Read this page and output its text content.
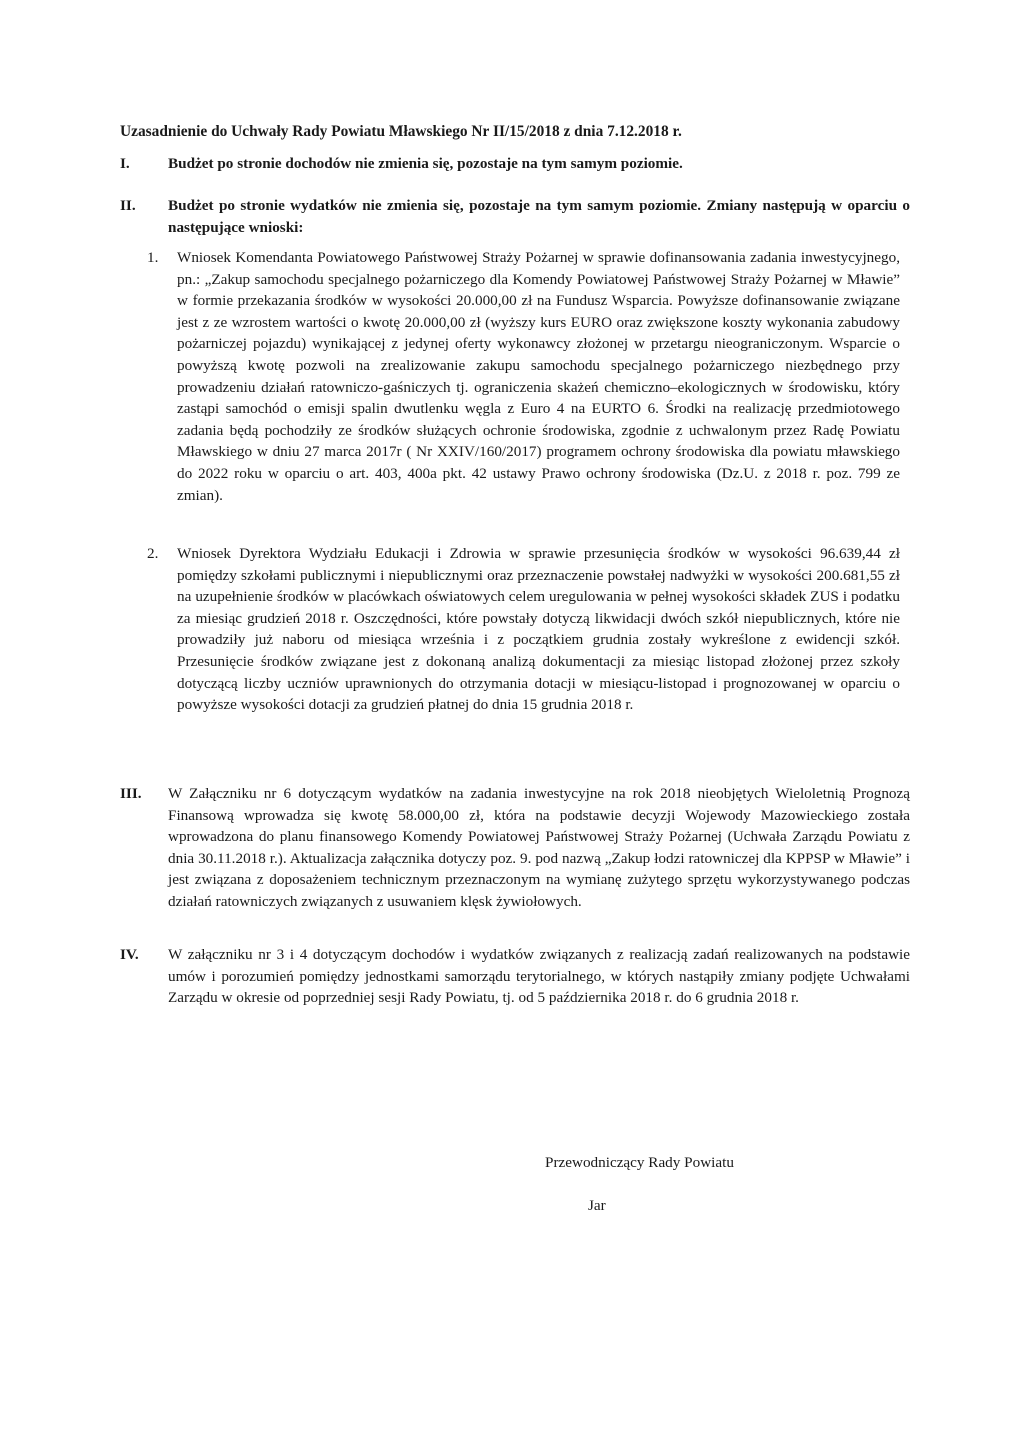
Uzasadnienie do Uchwały Rady Powiatu Mławskiego Nr II/15/2018 z dnia 7.12.2018 r.
I.	Budżet po stronie dochodów nie zmienia się, pozostaje na tym samym poziomie.
II. Budżet po stronie wydatków nie zmienia się, pozostaje na tym samym poziomie. Zmiany następują w oparciu o następujące wnioski:
1. Wniosek Komendanta Powiatowego Państwowej Straży Pożarnej w sprawie dofinansowania zadania inwestycyjnego, pn.: „Zakup samochodu specjalnego pożarniczego dla Komendy Powiatowej Państwowej Straży Pożarnej w Mławie” w formie przekazania środków w wysokości 20.000,00 zł na Fundusz Wsparcia. Powyższe dofinansowanie związane jest z ze wzrostem wartości o kwotę 20.000,00 zł (wyższy kurs EURO oraz zwiększone koszty wykonania zabudowy pożarniczej pojazdu) wynikającej z jedynej oferty wykonawcy złożonej w przetargu nieograniczonym. Wsparcie o powyższą kwotę pozwoli na zrealizowanie zakupu samochodu specjalnego pożarniczego niezbędnego przy prowadzeniu działań ratowniczo-gaśniczych tj. ograniczenia skażeń chemiczno–ekologicznych w środowisku, który zastąpi samochód o emisji spalin dwutlenku węgla z Euro 4 na EURTO 6. Środki na realizację przedmiotowego zadania będą pochodziły ze środków służących ochronie środowiska, zgodnie z uchwalonym przez Radę Powiatu Mławskiego w dniu 27 marca 2017r ( Nr XXIV/160/2017) programem ochrony środowiska dla powiatu mławskiego do 2022 roku w oparciu o art. 403, 400a pkt. 42 ustawy Prawo ochrony środowiska (Dz.U. z 2018 r. poz. 799 ze zmian).
2. Wniosek Dyrektora Wydziału Edukacji i Zdrowia w sprawie przesunięcia środków w wysokości 96.639,44 zł pomiędzy szkołami publicznymi i niepublicznymi oraz przeznaczenie powstałej nadwyżki w wysokości 200.681,55 zł na uzupełnienie środków w placówkach oświatowych celem uregulowania w pełnej wysokości składek ZUS i podatku za miesiąc grudzień 2018 r. Oszczędności, które powstały dotyczą likwidacji dwóch szkół niepublicznych, które nie prowadziły już naboru od miesiąca września i z początkiem grudnia zostały wykreślone z ewidencji szkół. Przesunięcie środków związane jest z dokonaną analizą dokumentacji za miesiąc listopad złożonej przez szkoły dotyczącą liczby uczniów uprawnionych do otrzymania dotacji w miesiącu-listopad i prognozowanej w oparciu o powyższe wysokości dotacji za grudzień płatnej do dnia 15 grudnia 2018 r.
III. W Załączniku nr 6 dotyczącym wydatków na zadania inwestycyjne na rok 2018 nieobjętych Wieloletnią Prognozą Finansową wprowadza się kwotę 58.000,00 zł, która na podstawie decyzji Wojewody Mazowieckiego została wprowadzona do planu finansowego Komendy Powiatowej Państwowej Straży Pożarnej (Uchwała Zarządu Powiatu z dnia 30.11.2018 r.). Aktualizacja załącznika dotyczy poz. 9. pod nazwą „Zakup łodzi ratowniczej dla KPPSP w Mławie” i jest związana z doposażeniem technicznym przeznaczonym na wymianę zużytego sprzętu wykorzystywanego podczas działań ratowniczych związanych z usuwaniem klęsk żywiołowych.
IV. W załączniku nr 3 i 4 dotyczącym dochodów i wydatków związanych z realizacją zadań realizowanych na podstawie umów i porozumień pomiędzy jednostkami samorządu terytorialnego, w których nastąpiły zmiany podjęte Uchwałami Zarządu w okresie od poprzedniej sesji Rady Powiatu, tj. od 5 października 2018 r. do 6 grudnia 2018 r.
Przewodniczący Rady Powiatu
Jar
